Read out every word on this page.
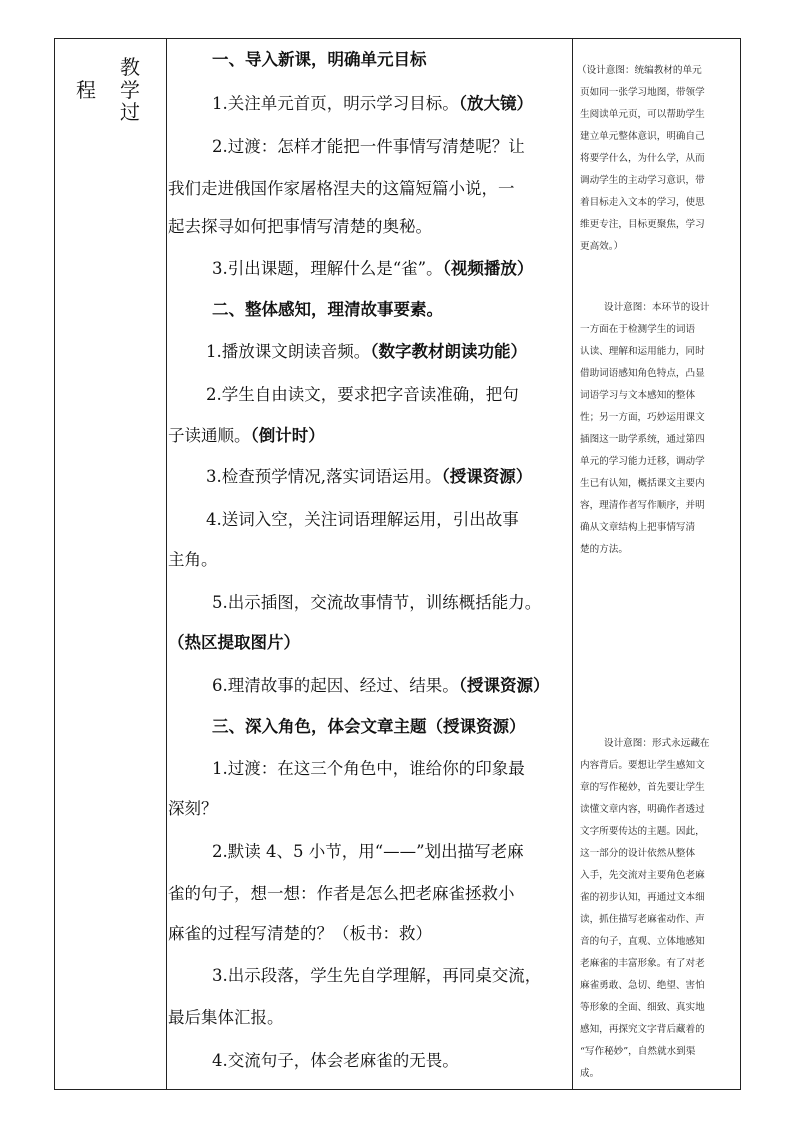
教
学
过
程
一、导入新课，明确单元目标
1.关注单元首页，明示学习目标。（放大镜）
2.过渡：怎样才能把一件事情写清楚呢？让
我们走进俄国作家屠格涅夫的这篇短篇小说，一
起去探寻如何把事情写清楚的奥秘。
3.引出课题，理解什么是“雀”。（视频播放）
二、整体感知，理清故事要素。
1.播放课文朗读音频。（数字教材朗读功能）
2.学生自由读文，要求把字音读准确，把句
子读通顺。（倒计时）
3.检查预学情况,落实词语运用。（授课资源）
4.送词入空，关注词语理解运用，引出故事
主角。
5.出示插图，交流故事情节，训练概括能力。
（热区提取图片）
6.理清故事的起因、经过、结果。（授课资源）
三、深入角色，体会文章主题（授课资源）
1.过渡：在这三个角色中，谁给你的印象最
深刻？
2.默读 4、5 小节，用“——”划出描写老麻
雀的句子，想一想：作者是怎么把老麻雀拯救小
麻雀的过程写清楚的？（板书：救）
3.出示段落，学生先自学理解，再同桌交流，
最后集体汇报。
4.交流句子，体会老麻雀的无畏。
（设计意图：统编教材的单元
页如同一张学习地图，带领学
生阅读单元页，可以帮助学生
建立单元整体意识，明确自己
将要学什么，为什么学，从而
调动学生的主动学习意识，带
着目标走入文本的学习，使思
维更专注，目标更聚焦，学习
更高效。）
设计意图：本环节的设计
一方面在于检测学生的词语
认读、理解和运用能力，同时
借助词语感知角色特点，凸显
词语学习与文本感知的整体
性；另一方面，巧妙运用课文
插图这一助学系统，通过第四
单元的学习能力迁移，调动学
生已有认知，概括课文主要内
容，理清作者写作顺序，并明
确从文章结构上把事情写清
楚的方法。
设计意图：形式永远藏在
内容背后。要想让学生感知文
章的写作秘妙，首先要让学生
读懂文章内容，明确作者透过
文字所要传达的主题。因此，
这一部分的设计依然从整体
入手，先交流对主要角色老麻
雀的初步认知，再通过文本细
读，抓住描写老麻雀动作、声
音的句子，直观、立体地感知
老麻雀的丰富形象。有了对老
麻雀勇敢、急切、绝望、害怕
等形象的全面、细致、真实地
感知，再探究文字背后藏着的
“写作秘妙”，自然就水到渠
成。
